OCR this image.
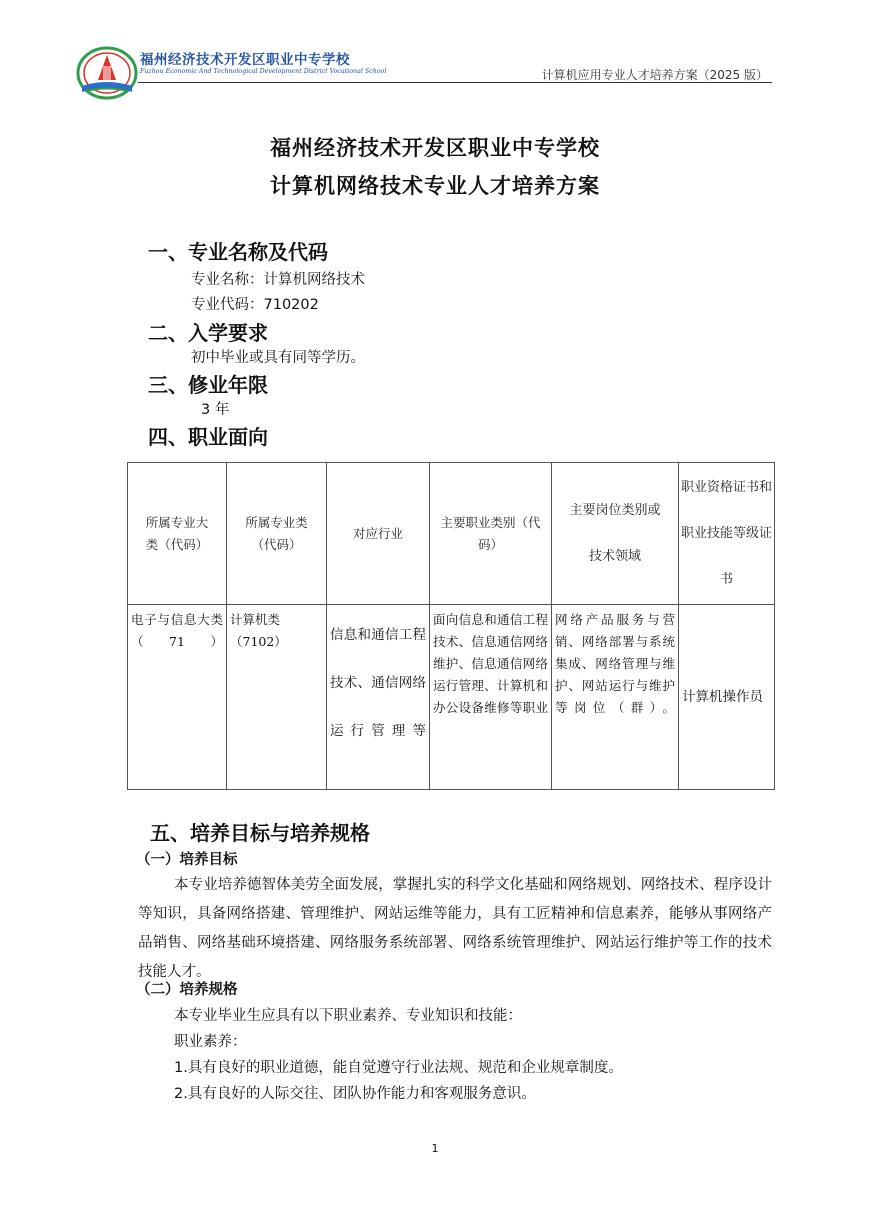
福州经济技术开发区职业中专学校
Fuzhou Economic And Technological Development District Vocational School	计算机应用专业人才培养方案（2025 版）
福州经济技术开发区职业中专学校
计算机网络技术专业人才培养方案
一、专业名称及代码
专业名称：计算机网络技术
专业代码：710202
二、入学要求
初中毕业或具有同等学历。
三、修业年限
3 年
四、职业面向
所属专业大类（代码）	所属专业类（代码）	对应行业	主要职业类别（代码）	主要岗位类别或技术领域	职业资格证书和职业技能等级证书
电子与信息大类 （71）	计算机类 （7102）	信息和通信工程技术、通信网络运行管理等	面向信息和通信工程技术、信息通信网络维护、信息通信网络运行管理、计算机和办公设备维修等职业	网络产品服务与营销、网络部署与系统集成、网络管理与维护、网站运行与维护等岗位（群）。	计算机操作员
五、培养目标与培养规格
（一）培养目标
本专业培养德智体美劳全面发展，掌握扎实的科学文化基础和网络规划、网络技术、程序设计等知识，具备网络搭建、管理维护、网站运维等能力，具有工匠精神和信息素养，能够从事网络产品销售、网络基础环境搭建、网络服务系统部署、网络系统管理维护、网站运行维护等工作的技术技能人才。
（二）培养规格
本专业毕业生应具有以下职业素养、专业知识和技能：
职业素养：
1.具有良好的职业道德，能自觉遵守行业法规、规范和企业规章制度。
2.具有良好的人际交往、团队协作能力和客观服务意识。
1
